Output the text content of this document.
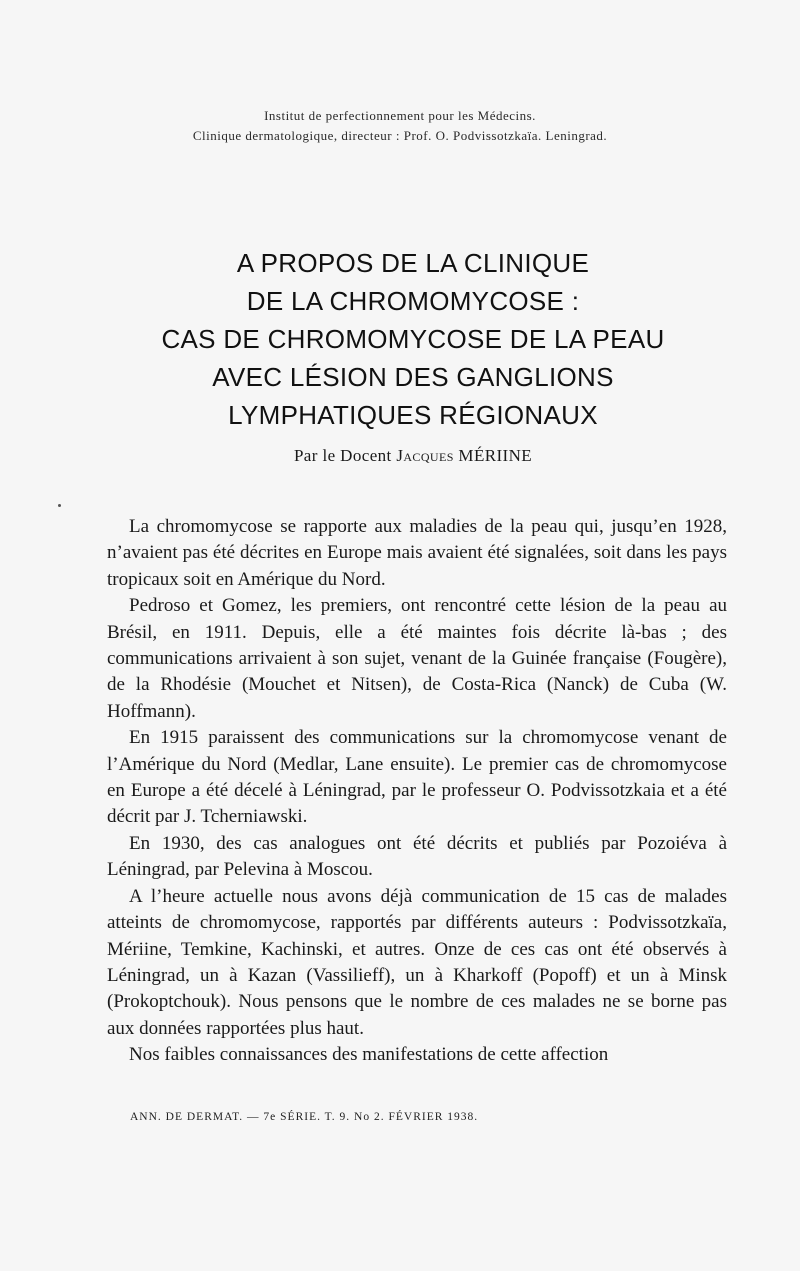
Institut de perfectionnement pour les Médecins.
Clinique dermatologique, directeur : Prof. O. Podvissotzkaïa. Leningrad.
A PROPOS DE LA CLINIQUE
DE LA CHROMOMYCOSE :
CAS DE CHROMOMYCOSE DE LA PEAU
AVEC LÉSION DES GANGLIONS
LYMPHATIQUES RÉGIONAUX
Par le Docent Jacques MÉRIINE

La chromomycose se rapporte aux maladies de la peau qui, jusqu’en 1928, n’avaient pas été décrites en Europe mais avaient été signalées, soit dans les pays tropicaux soit en Amérique du Nord.

Pedroso et Gomez, les premiers, ont rencontré cette lésion de la peau au Brésil, en 1911. Depuis, elle a été maintes fois décrite là-bas ; des communications arrivaient à son sujet, venant de la Guinée française (Fougère), de la Rhodésie (Mouchet et Nitsen), de Costa-Rica (Nanck) de Cuba (W. Hoffmann).

En 1915 paraissent des communications sur la chromomycose venant de l’Amérique du Nord (Medlar, Lane ensuite). Le premier cas de chromomycose en Europe a été décelé à Léningrad, par le professeur O. Podvissotzkaia et a été décrit par J. Tcherniawski.

En 1930, des cas analogues ont été décrits et publiés par Pozoiéva à Léningrad, par Pelevina à Moscou.

A l’heure actuelle nous avons déjà communication de 15 cas de malades atteints de chromomycose, rapportés par différents auteurs : Podvissotzkaïa, Mériine, Temkine, Kachinski, et autres. Onze de ces cas ont été observés à Léningrad, un à Kazan (Vassilieff), un à Kharkoff (Popoff) et un à Minsk (Prokoptchouk). Nous pensons que le nombre de ces malades ne se borne pas aux données rapportées plus haut.

Nos faibles connaissances des manifestations de cette affection

ANN. DE DERMAT. — 7e SÉRIE. T. 9. No 2. FÉVRIER 1938.
